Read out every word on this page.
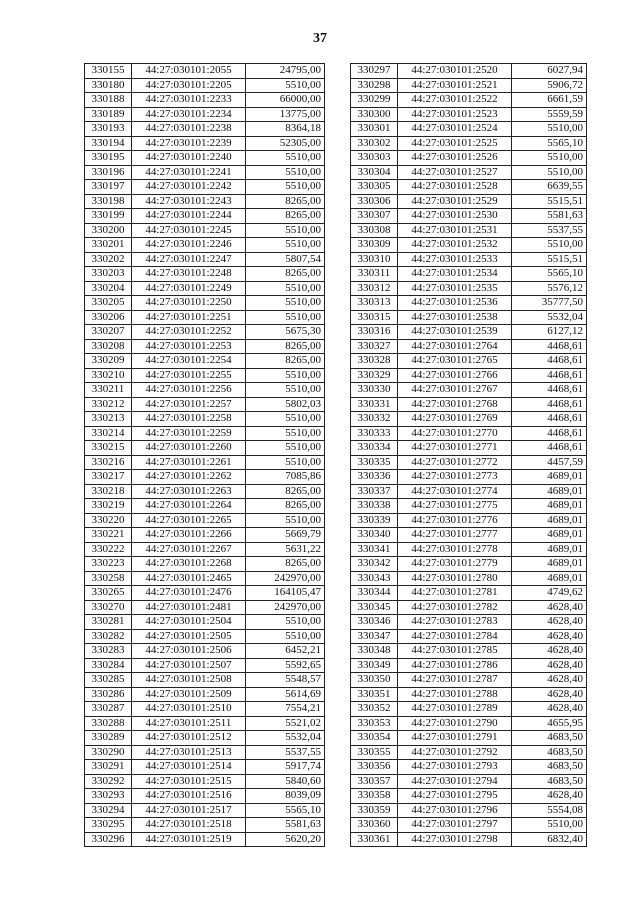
37
330155	44:27:030101:2055	24795,00
330180	44:27:030101:2205	5510,00
330188	44:27:030101:2233	66000,00
330189	44:27:030101:2234	13775,00
330193	44:27:030101:2238	8364,18
330194	44:27:030101:2239	52305,00
330195	44:27:030101:2240	5510,00
330196	44:27:030101:2241	5510,00
330197	44:27:030101:2242	5510,00
330198	44:27:030101:2243	8265,00
330199	44:27:030101:2244	8265,00
330200	44:27:030101:2245	5510,00
330201	44:27:030101:2246	5510,00
330202	44:27:030101:2247	5807,54
330203	44:27:030101:2248	8265,00
330204	44:27:030101:2249	5510,00
330205	44:27:030101:2250	5510,00
330206	44:27:030101:2251	5510,00
330207	44:27:030101:2252	5675,30
330208	44:27:030101:2253	8265,00
330209	44:27:030101:2254	8265,00
330210	44:27:030101:2255	5510,00
330211	44:27:030101:2256	5510,00
330212	44:27:030101:2257	5802,03
330213	44:27:030101:2258	5510,00
330214	44:27:030101:2259	5510,00
330215	44:27:030101:2260	5510,00
330216	44:27:030101:2261	5510,00
330217	44:27:030101:2262	7085,86
330218	44:27:030101:2263	8265,00
330219	44:27:030101:2264	8265,00
330220	44:27:030101:2265	5510,00
330221	44:27:030101:2266	5669,79
330222	44:27:030101:2267	5631,22
330223	44:27:030101:2268	8265,00
330258	44:27:030101:2465	242970,00
330265	44:27:030101:2476	164105,47
330270	44:27:030101:2481	242970,00
330281	44:27:030101:2504	5510,00
330282	44:27:030101:2505	5510,00
330283	44:27:030101:2506	6452,21
330284	44:27:030101:2507	5592,65
330285	44:27:030101:2508	5548,57
330286	44:27:030101:2509	5614,69
330287	44:27:030101:2510	7554,21
330288	44:27:030101:2511	5521,02
330289	44:27:030101:2512	5532,04
330290	44:27:030101:2513	5537,55
330291	44:27:030101:2514	5917,74
330292	44:27:030101:2515	5840,60
330293	44:27:030101:2516	8039,09
330294	44:27:030101:2517	5565,10
330295	44:27:030101:2518	5581,63
330296	44:27:030101:2519	5620,20
330297	44:27:030101:2520	6027,94
330298	44:27:030101:2521	5906,72
330299	44:27:030101:2522	6661,59
330300	44:27:030101:2523	5559,59
330301	44:27:030101:2524	5510,00
330302	44:27:030101:2525	5565,10
330303	44:27:030101:2526	5510,00
330304	44:27:030101:2527	5510,00
330305	44:27:030101:2528	6639,55
330306	44:27:030101:2529	5515,51
330307	44:27:030101:2530	5581,63
330308	44:27:030101:2531	5537,55
330309	44:27:030101:2532	5510,00
330310	44:27:030101:2533	5515,51
330311	44:27:030101:2534	5565,10
330312	44:27:030101:2535	5576,12
330313	44:27:030101:2536	35777,50
330315	44:27:030101:2538	5532,04
330316	44:27:030101:2539	6127,12
330327	44:27:030101:2764	4468,61
330328	44:27:030101:2765	4468,61
330329	44:27:030101:2766	4468,61
330330	44:27:030101:2767	4468,61
330331	44:27:030101:2768	4468,61
330332	44:27:030101:2769	4468,61
330333	44:27:030101:2770	4468,61
330334	44:27:030101:2771	4468,61
330335	44:27:030101:2772	4457,59
330336	44:27:030101:2773	4689,01
330337	44:27:030101:2774	4689,01
330338	44:27:030101:2775	4689,01
330339	44:27:030101:2776	4689,01
330340	44:27:030101:2777	4689,01
330341	44:27:030101:2778	4689,01
330342	44:27:030101:2779	4689,01
330343	44:27:030101:2780	4689,01
330344	44:27:030101:2781	4749,62
330345	44:27:030101:2782	4628,40
330346	44:27:030101:2783	4628,40
330347	44:27:030101:2784	4628,40
330348	44:27:030101:2785	4628,40
330349	44:27:030101:2786	4628,40
330350	44:27:030101:2787	4628,40
330351	44:27:030101:2788	4628,40
330352	44:27:030101:2789	4628,40
330353	44:27:030101:2790	4655,95
330354	44:27:030101:2791	4683,50
330355	44:27:030101:2792	4683,50
330356	44:27:030101:2793	4683,50
330357	44:27:030101:2794	4683,50
330358	44:27:030101:2795	4628,40
330359	44:27:030101:2796	5554,08
330360	44:27:030101:2797	5510,00
330361	44:27:030101:2798	6832,40
